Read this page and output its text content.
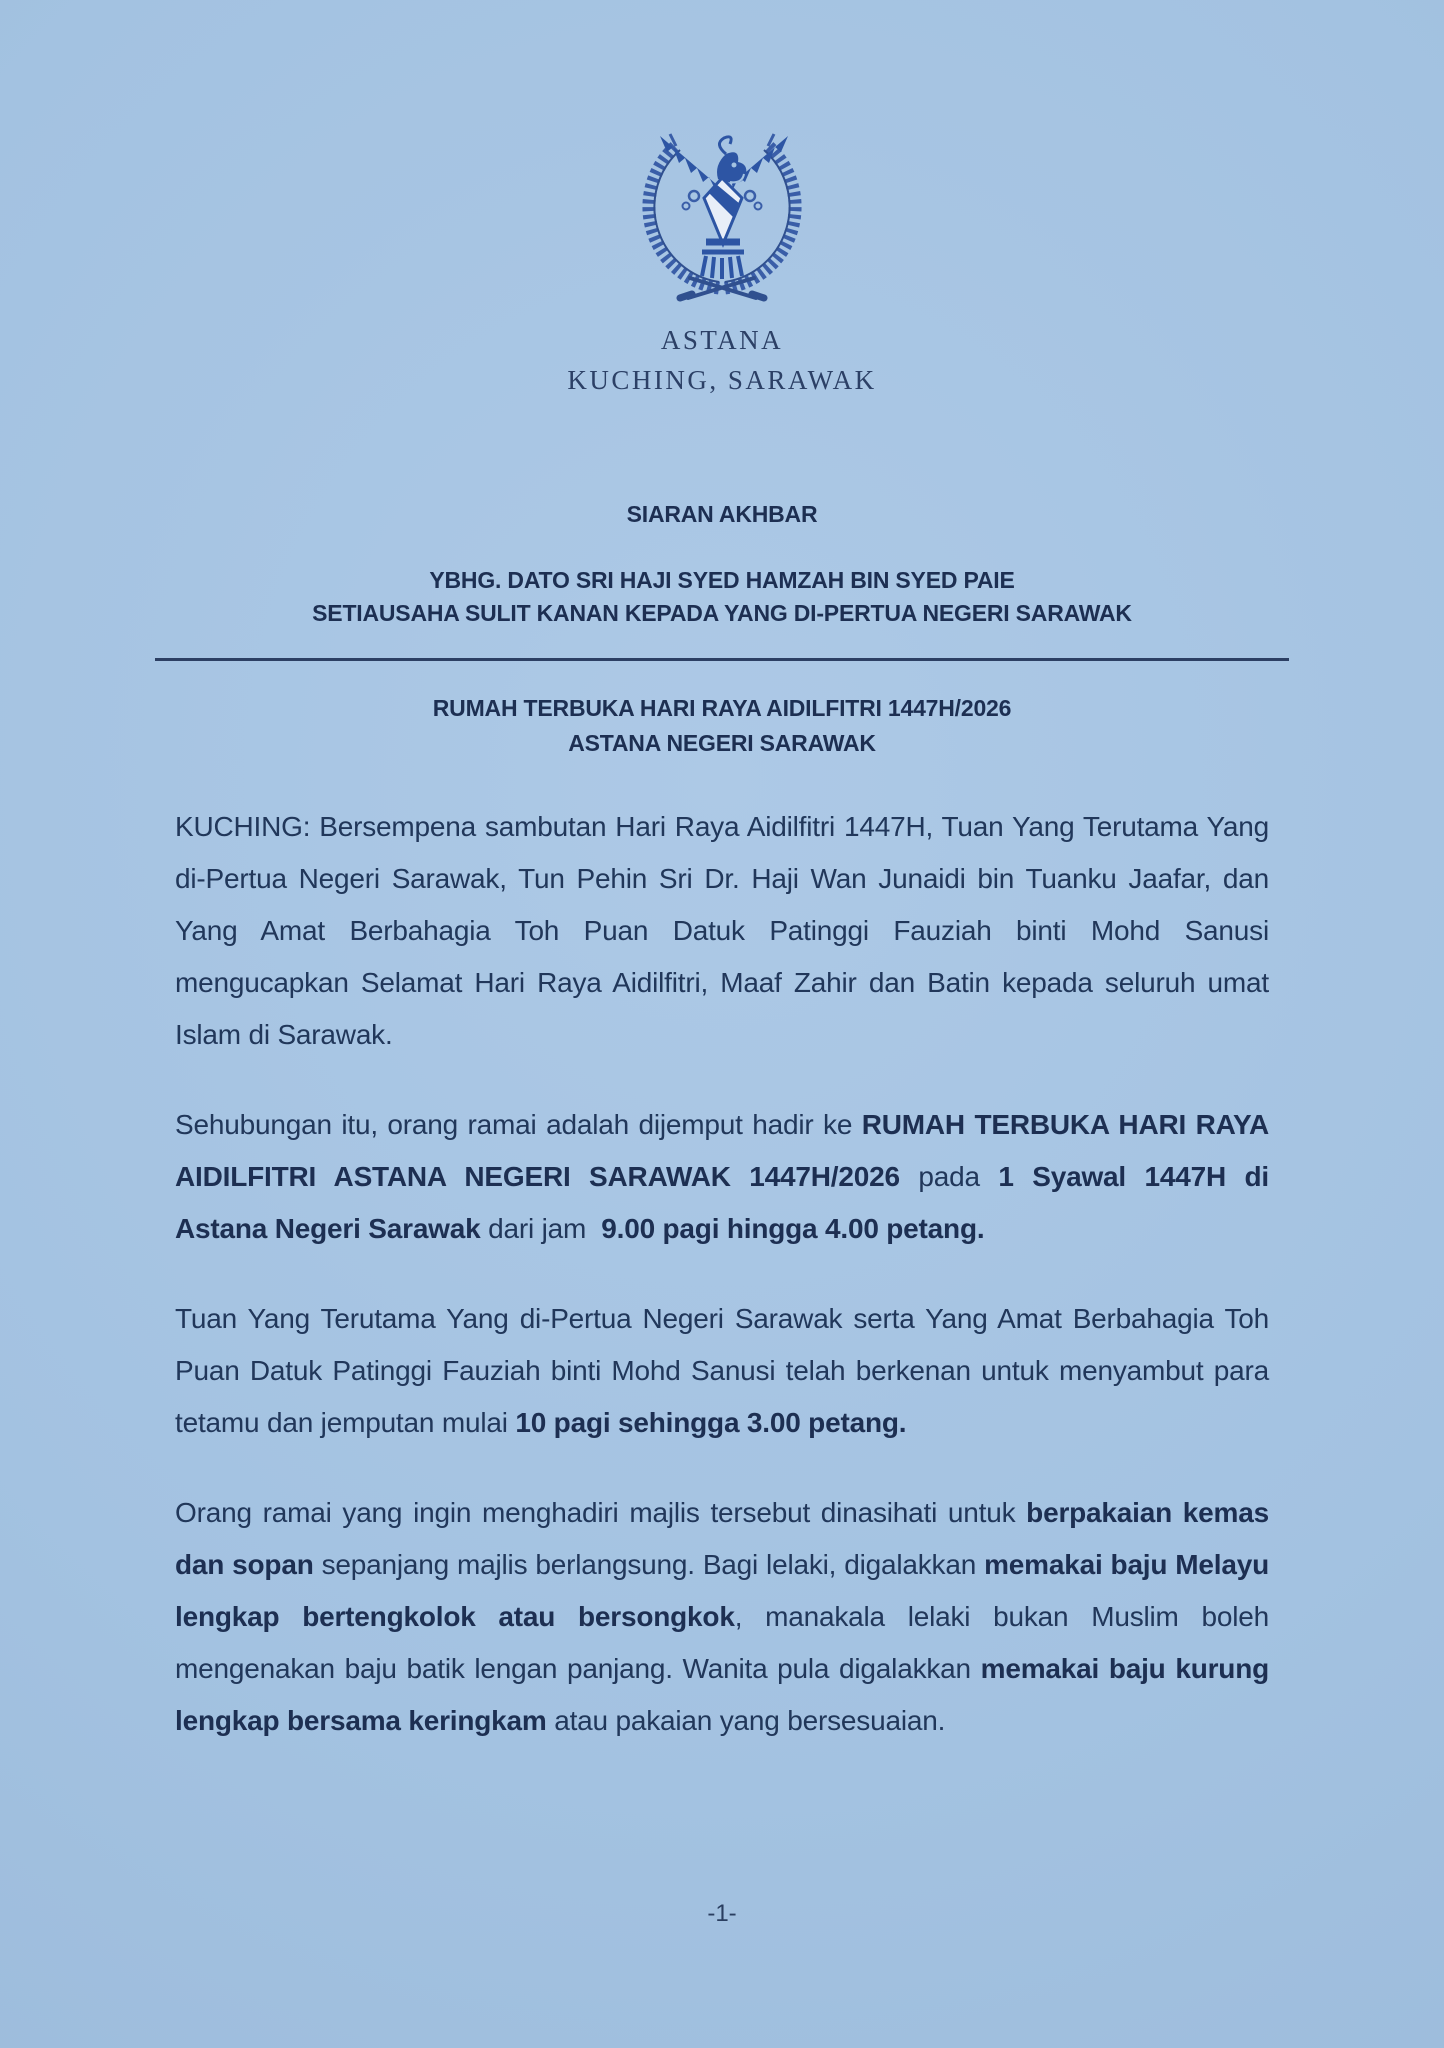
ASTANA
KUCHING, SARAWAK
SIARAN AKHBAR
YBHG. DATO SRI HAJI SYED HAMZAH BIN SYED PAIE
SETIAUSAHA SULIT KANAN KEPADA YANG DI-PERTUA NEGERI SARAWAK
RUMAH TERBUKA HARI RAYA AIDILFITRI 1447H/2026
ASTANA NEGERI SARAWAK

KUCHING: Bersempena sambutan Hari Raya Aidilfitri 1447H, Tuan Yang Terutama Yang di-Pertua Negeri Sarawak, Tun Pehin Sri Dr. Haji Wan Junaidi bin Tuanku Jaafar, dan Yang Amat Berbahagia Toh Puan Datuk Patinggi Fauziah binti Mohd Sanusi mengucapkan Selamat Hari Raya Aidilfitri, Maaf Zahir dan Batin kepada seluruh umat Islam di Sarawak.

Sehubungan itu, orang ramai adalah dijemput hadir ke RUMAH TERBUKA HARI RAYA AIDILFITRI ASTANA NEGERI SARAWAK 1447H/2026 pada 1 Syawal 1447H di Astana Negeri Sarawak dari jam  9.00 pagi hingga 4.00 petang.

Tuan Yang Terutama Yang di-Pertua Negeri Sarawak serta Yang Amat Berbahagia Toh Puan Datuk Patinggi Fauziah binti Mohd Sanusi telah berkenan untuk menyambut para tetamu dan jemputan mulai 10 pagi sehingga 3.00 petang.

Orang ramai yang ingin menghadiri majlis tersebut dinasihati untuk berpakaian kemas dan sopan sepanjang majlis berlangsung. Bagi lelaki, digalakkan memakai baju Melayu lengkap bertengkolok atau bersongkok, manakala lelaki bukan Muslim boleh mengenakan baju batik lengan panjang. Wanita pula digalakkan memakai baju kurung lengkap bersama keringkam atau pakaian yang bersesuaian.

-1-
